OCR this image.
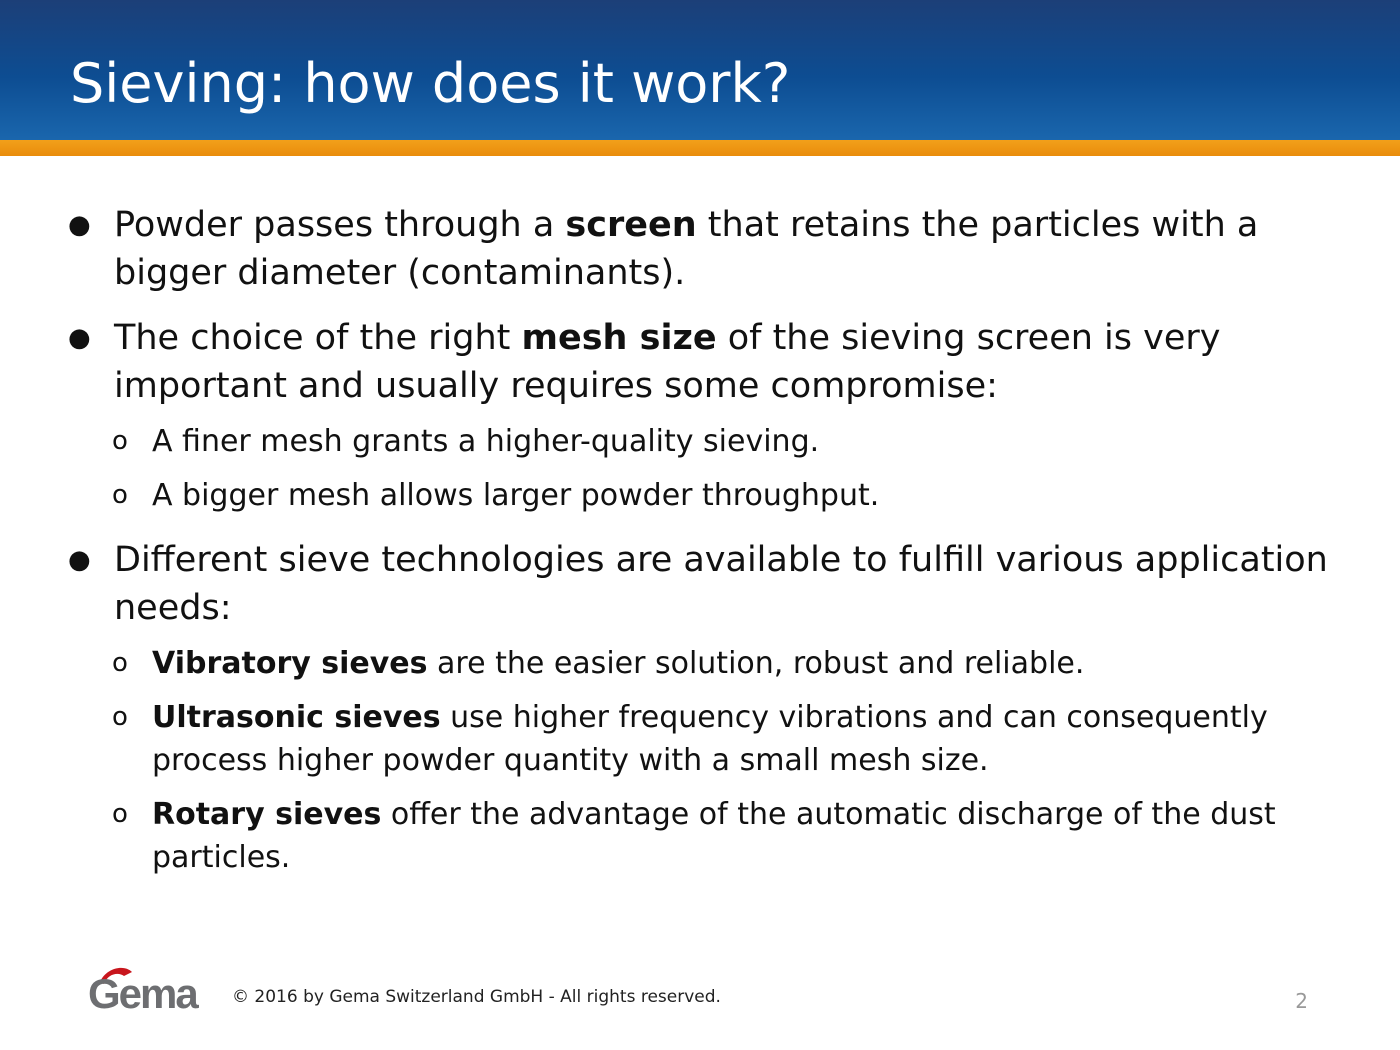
Sieving: how does it work?
● Powder passes through a screen that retains the particles with a bigger diameter (contaminants).
● The choice of the right mesh size of the sieving screen is very important and usually requires some compromise:
o A finer mesh grants a higher-quality sieving.
o A bigger mesh allows larger powder throughput.
● Different sieve technologies are available to fulfill various application needs:
o Vibratory sieves are the easier solution, robust and reliable.
o Ultrasonic sieves use higher frequency vibrations and can consequently process higher powder quantity with a small mesh size.
o Rotary sieves offer the advantage of the automatic discharge of the dust particles.
Gema © 2016 by Gema Switzerland GmbH - All rights reserved.	2
